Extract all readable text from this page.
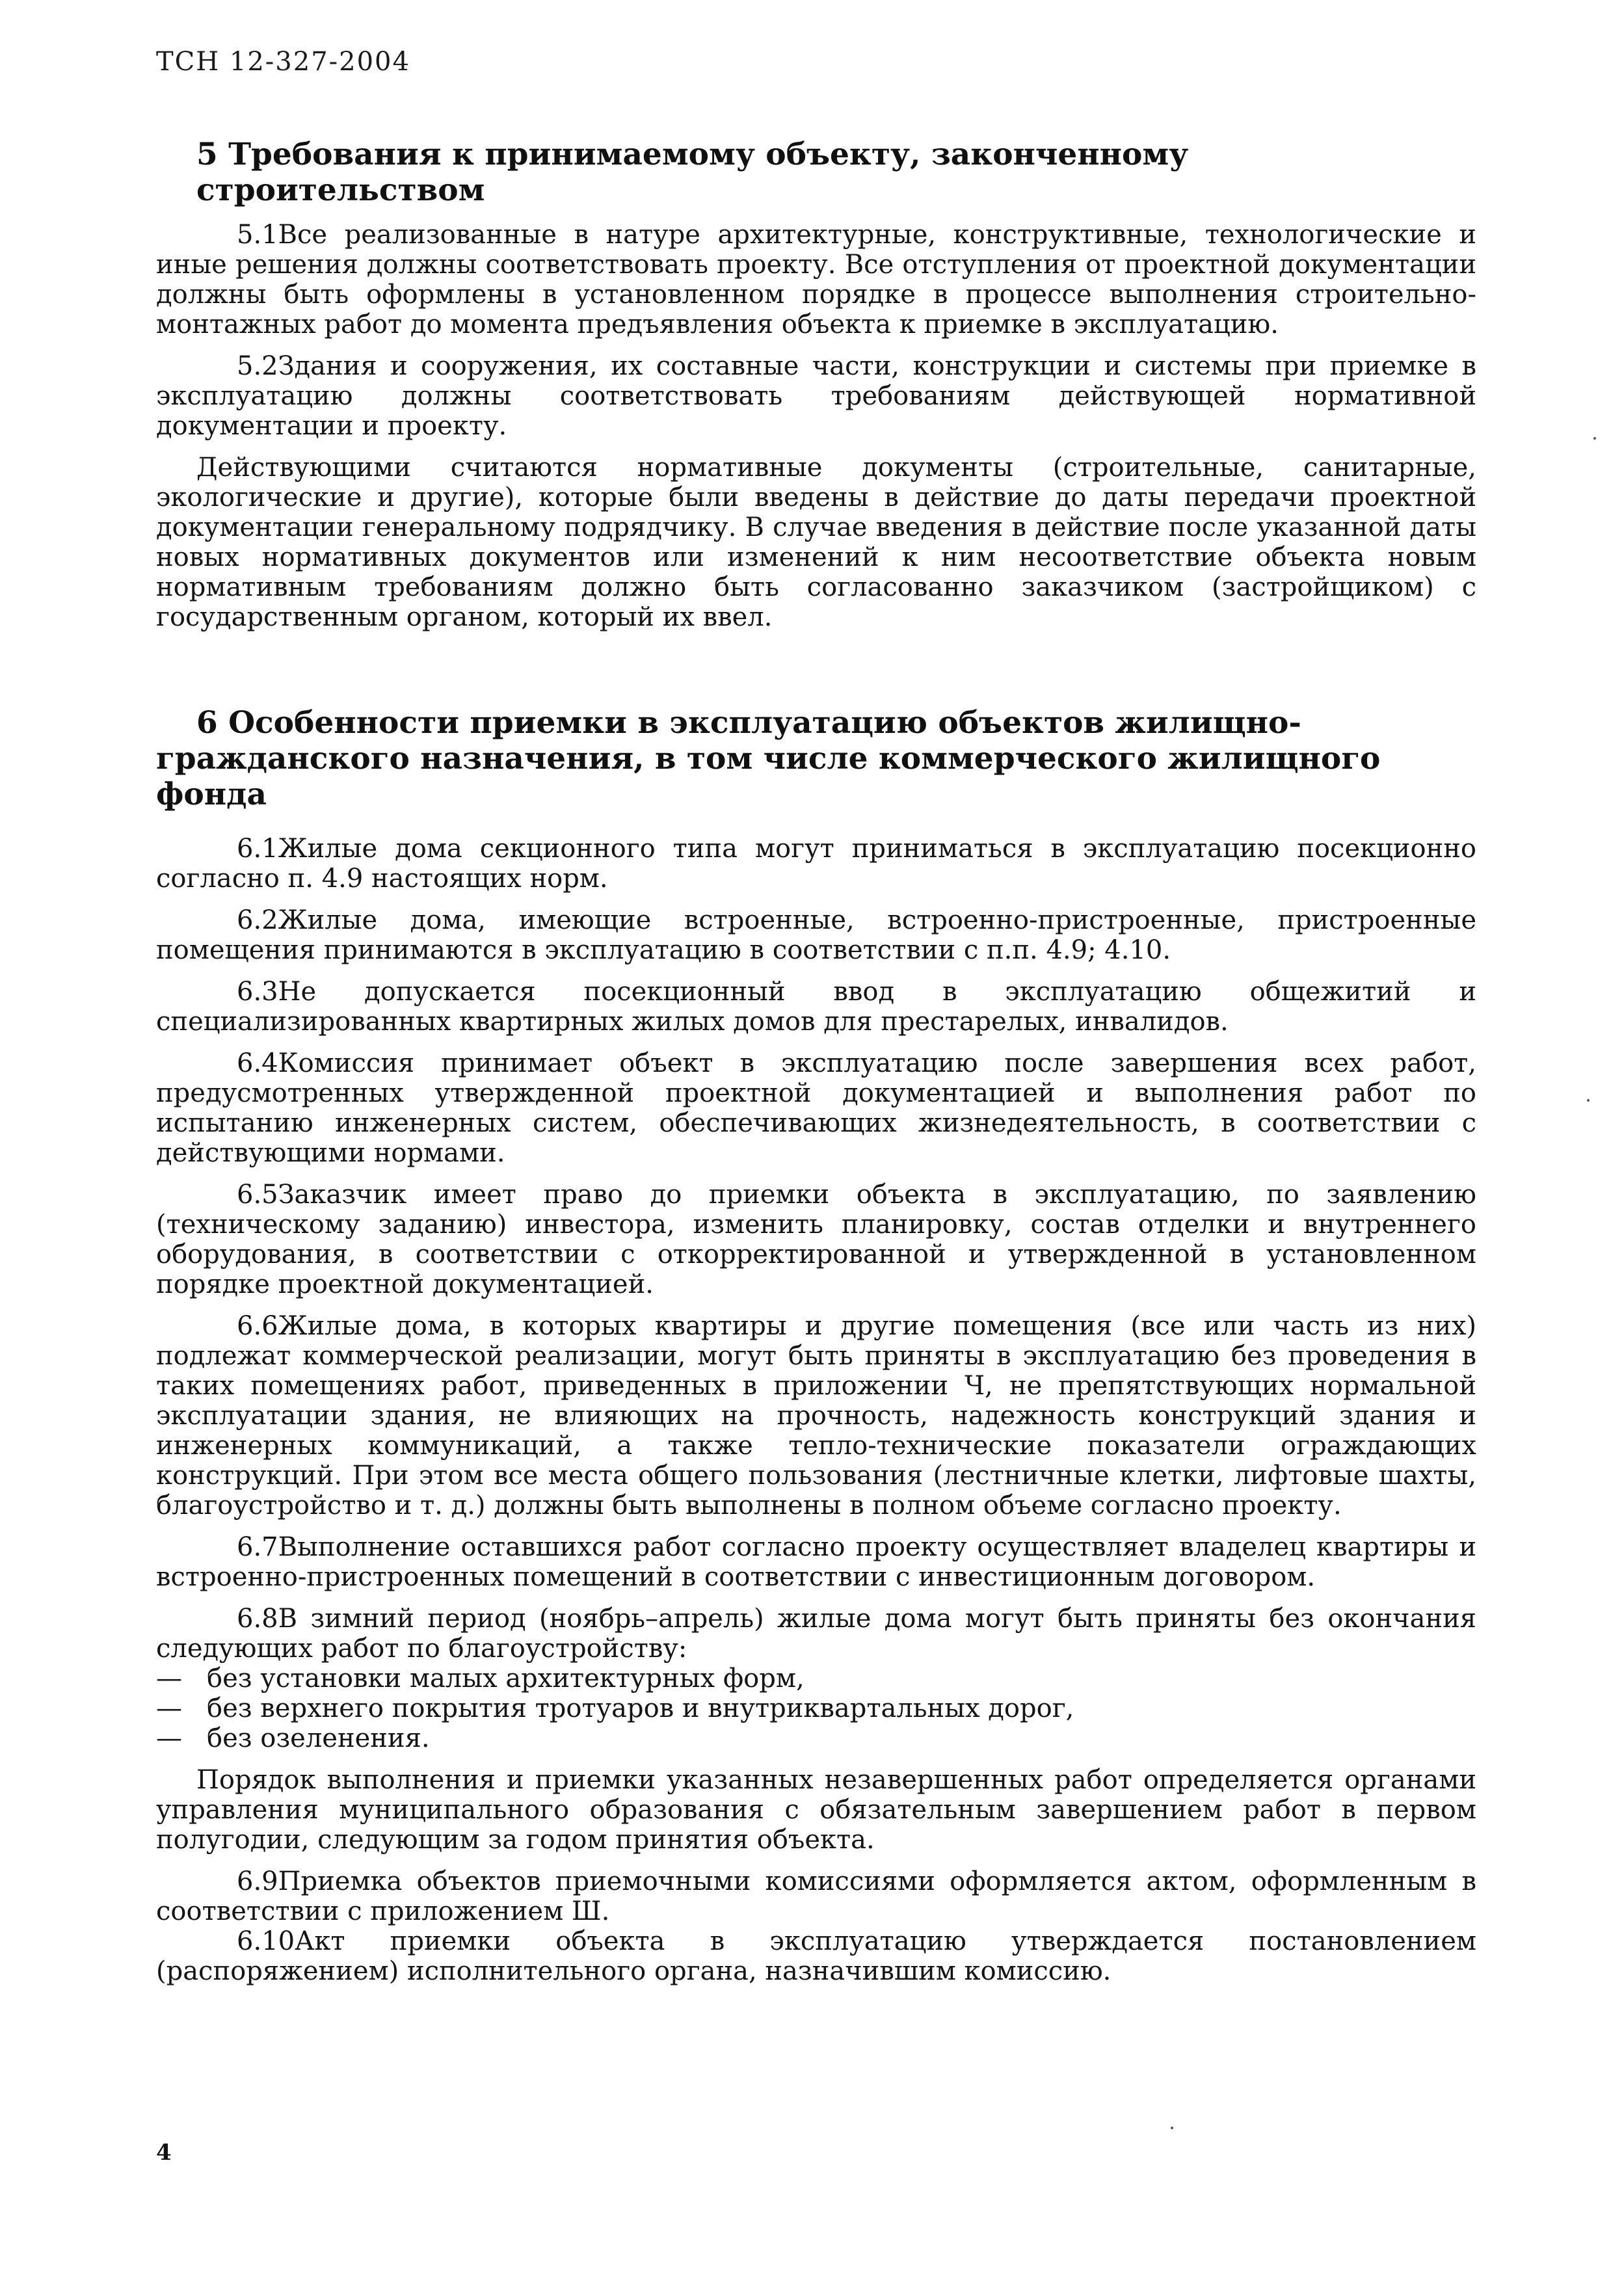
ТСН 12-327-2004
5 Требования к принимаемому объекту, законченному строительством

5.1Все реализованные в натуре архитектурные, конструктивные, технологические и иные решения должны соответствовать проекту. Все отступления от проектной документации должны быть оформлены в установленном порядке в процессе выполнения строительно-монтажных работ до момента предъявления объекта к приемке в эксплуатацию.

5.2Здания и сооружения, их составные части, конструкции и системы при приемке в эксплуатацию должны соответствовать требованиям действующей нормативной документации и проекту.

Действующими считаются нормативные документы (строительные, санитарные, экологические и другие), которые были введены в действие до даты передачи проектной документации генеральному подрядчику. В случае введения в действие после указанной даты новых нормативных документов или изменений к ним несоответствие объекта новым нормативным требованиям должно быть согласованно заказчиком (застройщиком) с государственным органом, который их ввел.

6 Особенности приемки в эксплуатацию объектов жилищно-гражданского назначения, в том числе коммерческого жилищного фонда

6.1Жилые дома секционного типа могут приниматься в эксплуатацию посекционно согласно п. 4.9 настоящих норм.

6.2Жилые дома, имеющие встроенные, встроенно-пристроенные, пристроенные помещения принимаются в эксплуатацию в соответствии с п.п. 4.9; 4.10.

6.3Не допускается посекционный ввод в эксплуатацию общежитий и специализированных квартирных жилых домов для престарелых, инвалидов.

6.4Комиссия принимает объект в эксплуатацию после завершения всех работ, предусмотренных утвержденной проектной документацией и выполнения работ по испытанию инженерных систем, обеспечивающих жизнедеятельность, в соответствии с действующими нормами.

6.5Заказчик имеет право до приемки объекта в эксплуатацию, по заявлению (техническому заданию) инвестора, изменить планировку, состав отделки и внутреннего оборудования, в соответствии с откорректированной и утвержденной в установленном порядке проектной документацией.

6.6Жилые дома, в которых квартиры и другие помещения (все или часть из них) подлежат коммерческой реализации, могут быть приняты в эксплуатацию без проведения в таких помещениях работ, приведенных в приложении Ч, не препятствующих нормальной эксплуатации здания, не влияющих на прочность, надежность конструкций здания и инженерных коммуникаций, а также тепло-технические показатели ограждающих конструкций. При этом все места общего пользования (лестничные клетки, лифтовые шахты, благоустройство и т. д.) должны быть выполнены в полном объеме согласно проекту.

6.7Выполнение оставшихся работ согласно проекту осуществляет владелец квартиры и встроенно-пристроенных помещений в соответствии с инвестиционным договором.

6.8В зимний период (ноябрь–апрель) жилые дома могут быть приняты без окончания следующих работ по благоустройству:

— без установки малых архитектурных форм,
— без верхнего покрытия тротуаров и внутриквартальных дорог,
— без озеленения.

Порядок выполнения и приемки указанных незавершенных работ определяется органами управления муниципального образования с обязательным завершением работ в первом полугодии, следующим за годом принятия объекта.

6.9Приемка объектов приемочными комиссиями оформляется актом, оформленным в соответствии с приложением Ш.

6.10Акт приемки объекта в эксплуатацию утверждается постановлением (распоряжением) исполнительного органа, назначившим комиссию.

4
